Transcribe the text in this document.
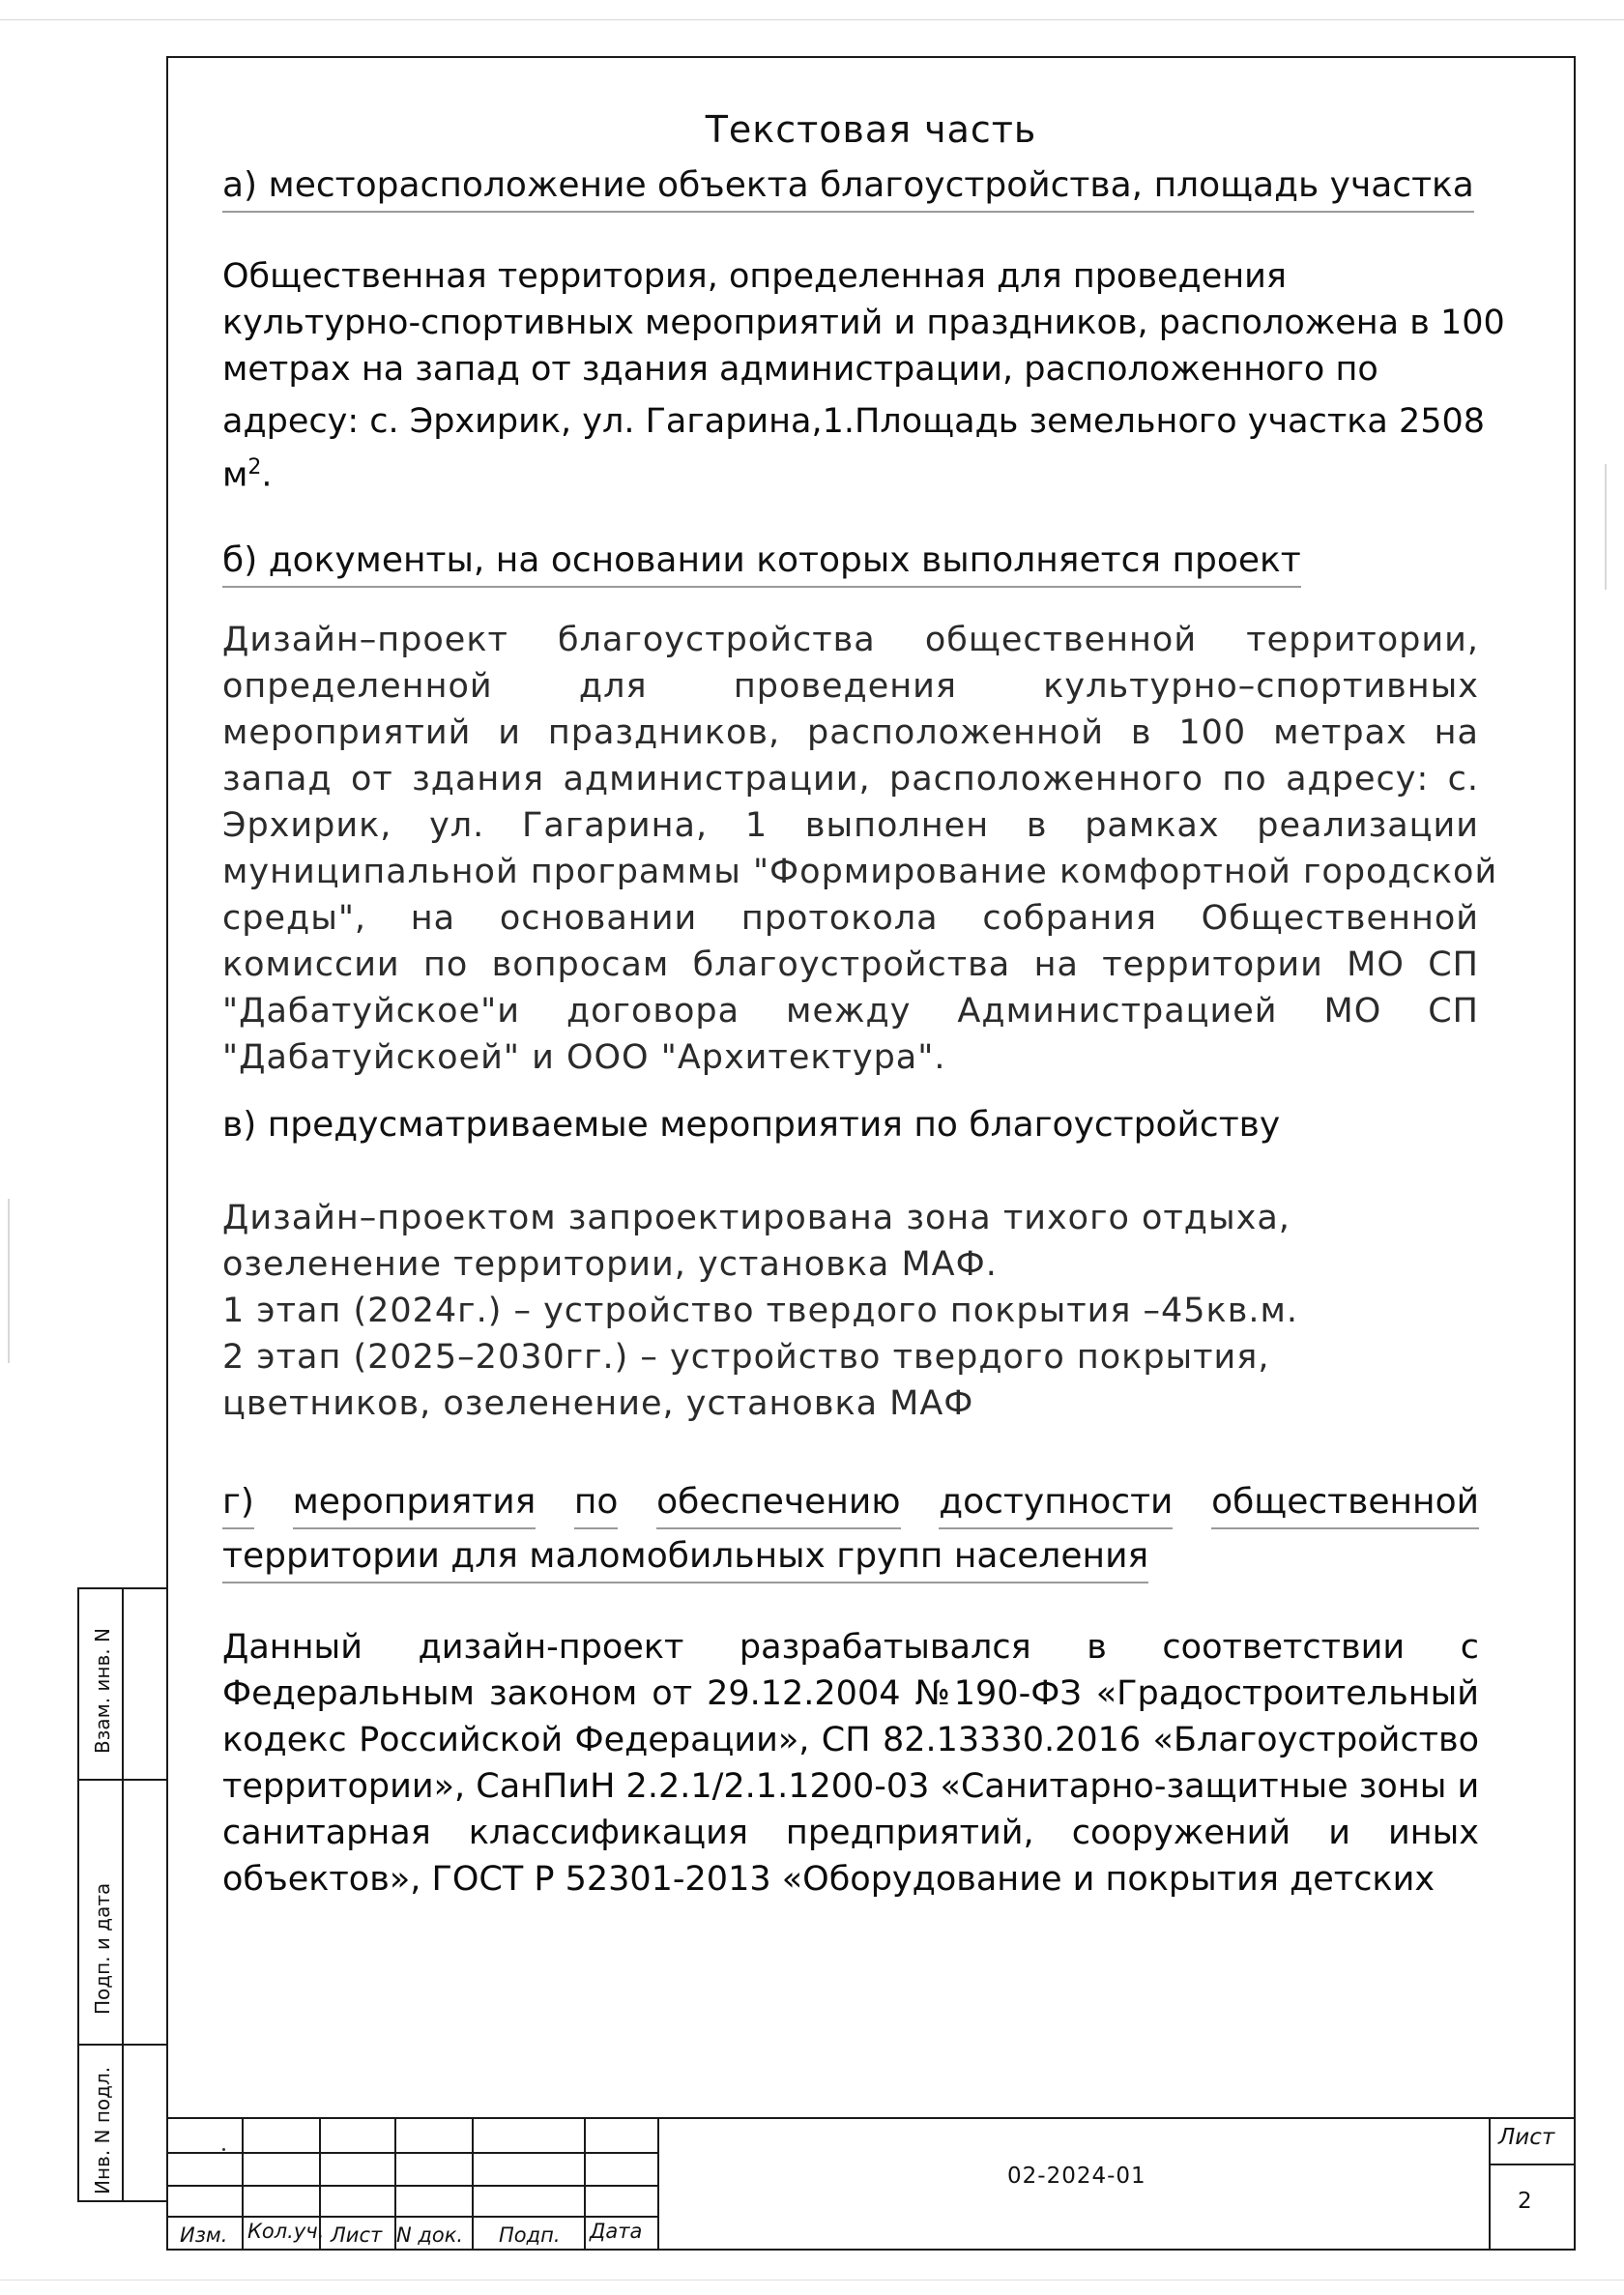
Текстовая часть
а) месторасположение объекта благоустройства, площадь участка
Общественная территория, определенная для проведения
культурно-спортивных мероприятий и праздников, расположена в 100
метрах на запад от здания администрации, расположенного по
адресу: с. Эрхирик, ул. Гагарина,1.Площадь земельного участка 2508
$м^2$.
б) документы, на основании которых выполняется проект
Дизайн–проект благоустройства общественной территории,
определенной для проведения культурно–спортивных
мероприятий и праздников, расположенной в 100 метрах на
запад от здания администрации, расположенного по адресу: с.
Эрхирик, ул. Гагарина, 1 выполнен в рамках реализации
муниципальной программы "Формирование комфортной городской
среды", на основании протокола собрания Общественной
комиссии по вопросам благоустройства на территории МО СП
"Дабатуйское"и договора между Администрацией МО СП
"Дабатуйскоей" и ООО "Архитектура".
в) предусматриваемые мероприятия по благоустройству
Дизайн–проектом запроектирована зона тихого отдыха,
озеленение территории, установка МАФ.
1 этап (2024г.) – устройство твердого покрытия –45кв.м.
2 этап (2025–2030гг.) – устройство твердого покрытия,
цветников, озеленение, установка МАФ
г) мероприятия по обеспечению доступности общественной
территории для маломобильных групп населения
Данный дизайн-проект разрабатывался в соответствии с
Федеральным законом от 29.12.2004 №190-ФЗ «Градостроительный
кодекс Российской Федерации», СП 82.13330.2016 «Благоустройство
территории», СанПиН 2.2.1/2.1.1200-03 «Санитарно-защитные зоны и
санитарная классификация предприятий, сооружений и иных
объектов», ГОСТ Р 52301-2013 «Оборудование и покрытия детских
Взам. инв. N
Подп. и дата
Инв. N подл.
Изм. Кол.уч. Лист N док. Подп. Дата
02-2024-01
Лист
2
